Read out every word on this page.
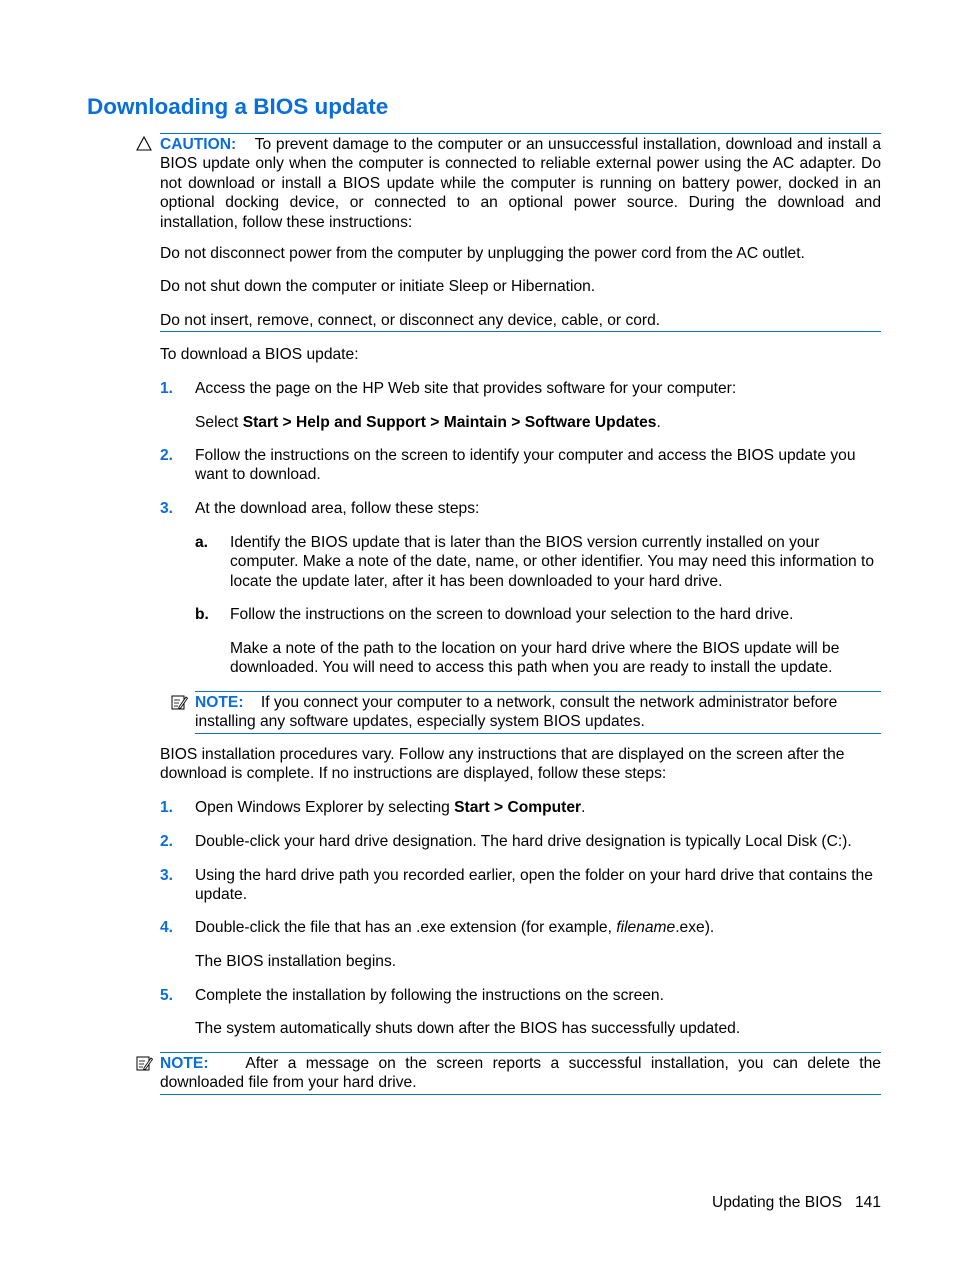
Downloading a BIOS update

CAUTION: To prevent damage to the computer or an unsuccessful installation, download and install a BIOS update only when the computer is connected to reliable external power using the AC adapter. Do not download or install a BIOS update while the computer is running on battery power, docked in an optional docking device, or connected to an optional power source. During the download and installation, follow these instructions:

Do not disconnect power from the computer by unplugging the power cord from the AC outlet.

Do not shut down the computer or initiate Sleep or Hibernation.

Do not insert, remove, connect, or disconnect any device, cable, or cord.

To download a BIOS update:

1. Access the page on the HP Web site that provides software for your computer:

Select Start > Help and Support > Maintain > Software Updates.

2. Follow the instructions on the screen to identify your computer and access the BIOS update you want to download.

3. At the download area, follow these steps:

a. Identify the BIOS update that is later than the BIOS version currently installed on your computer. Make a note of the date, name, or other identifier. You may need this information to locate the update later, after it has been downloaded to your hard drive.

b. Follow the instructions on the screen to download your selection to the hard drive.

Make a note of the path to the location on your hard drive where the BIOS update will be downloaded. You will need to access this path when you are ready to install the update.

NOTE: If you connect your computer to a network, consult the network administrator before installing any software updates, especially system BIOS updates.

BIOS installation procedures vary. Follow any instructions that are displayed on the screen after the download is complete. If no instructions are displayed, follow these steps:

1. Open Windows Explorer by selecting Start > Computer.

2. Double-click your hard drive designation. The hard drive designation is typically Local Disk (C:).

3. Using the hard drive path you recorded earlier, open the folder on your hard drive that contains the update.

4. Double-click the file that has an .exe extension (for example, filename.exe).

The BIOS installation begins.

5. Complete the installation by following the instructions on the screen.

The system automatically shuts down after the BIOS has successfully updated.

NOTE: After a message on the screen reports a successful installation, you can delete the downloaded file from your hard drive.

Updating the BIOS 141
